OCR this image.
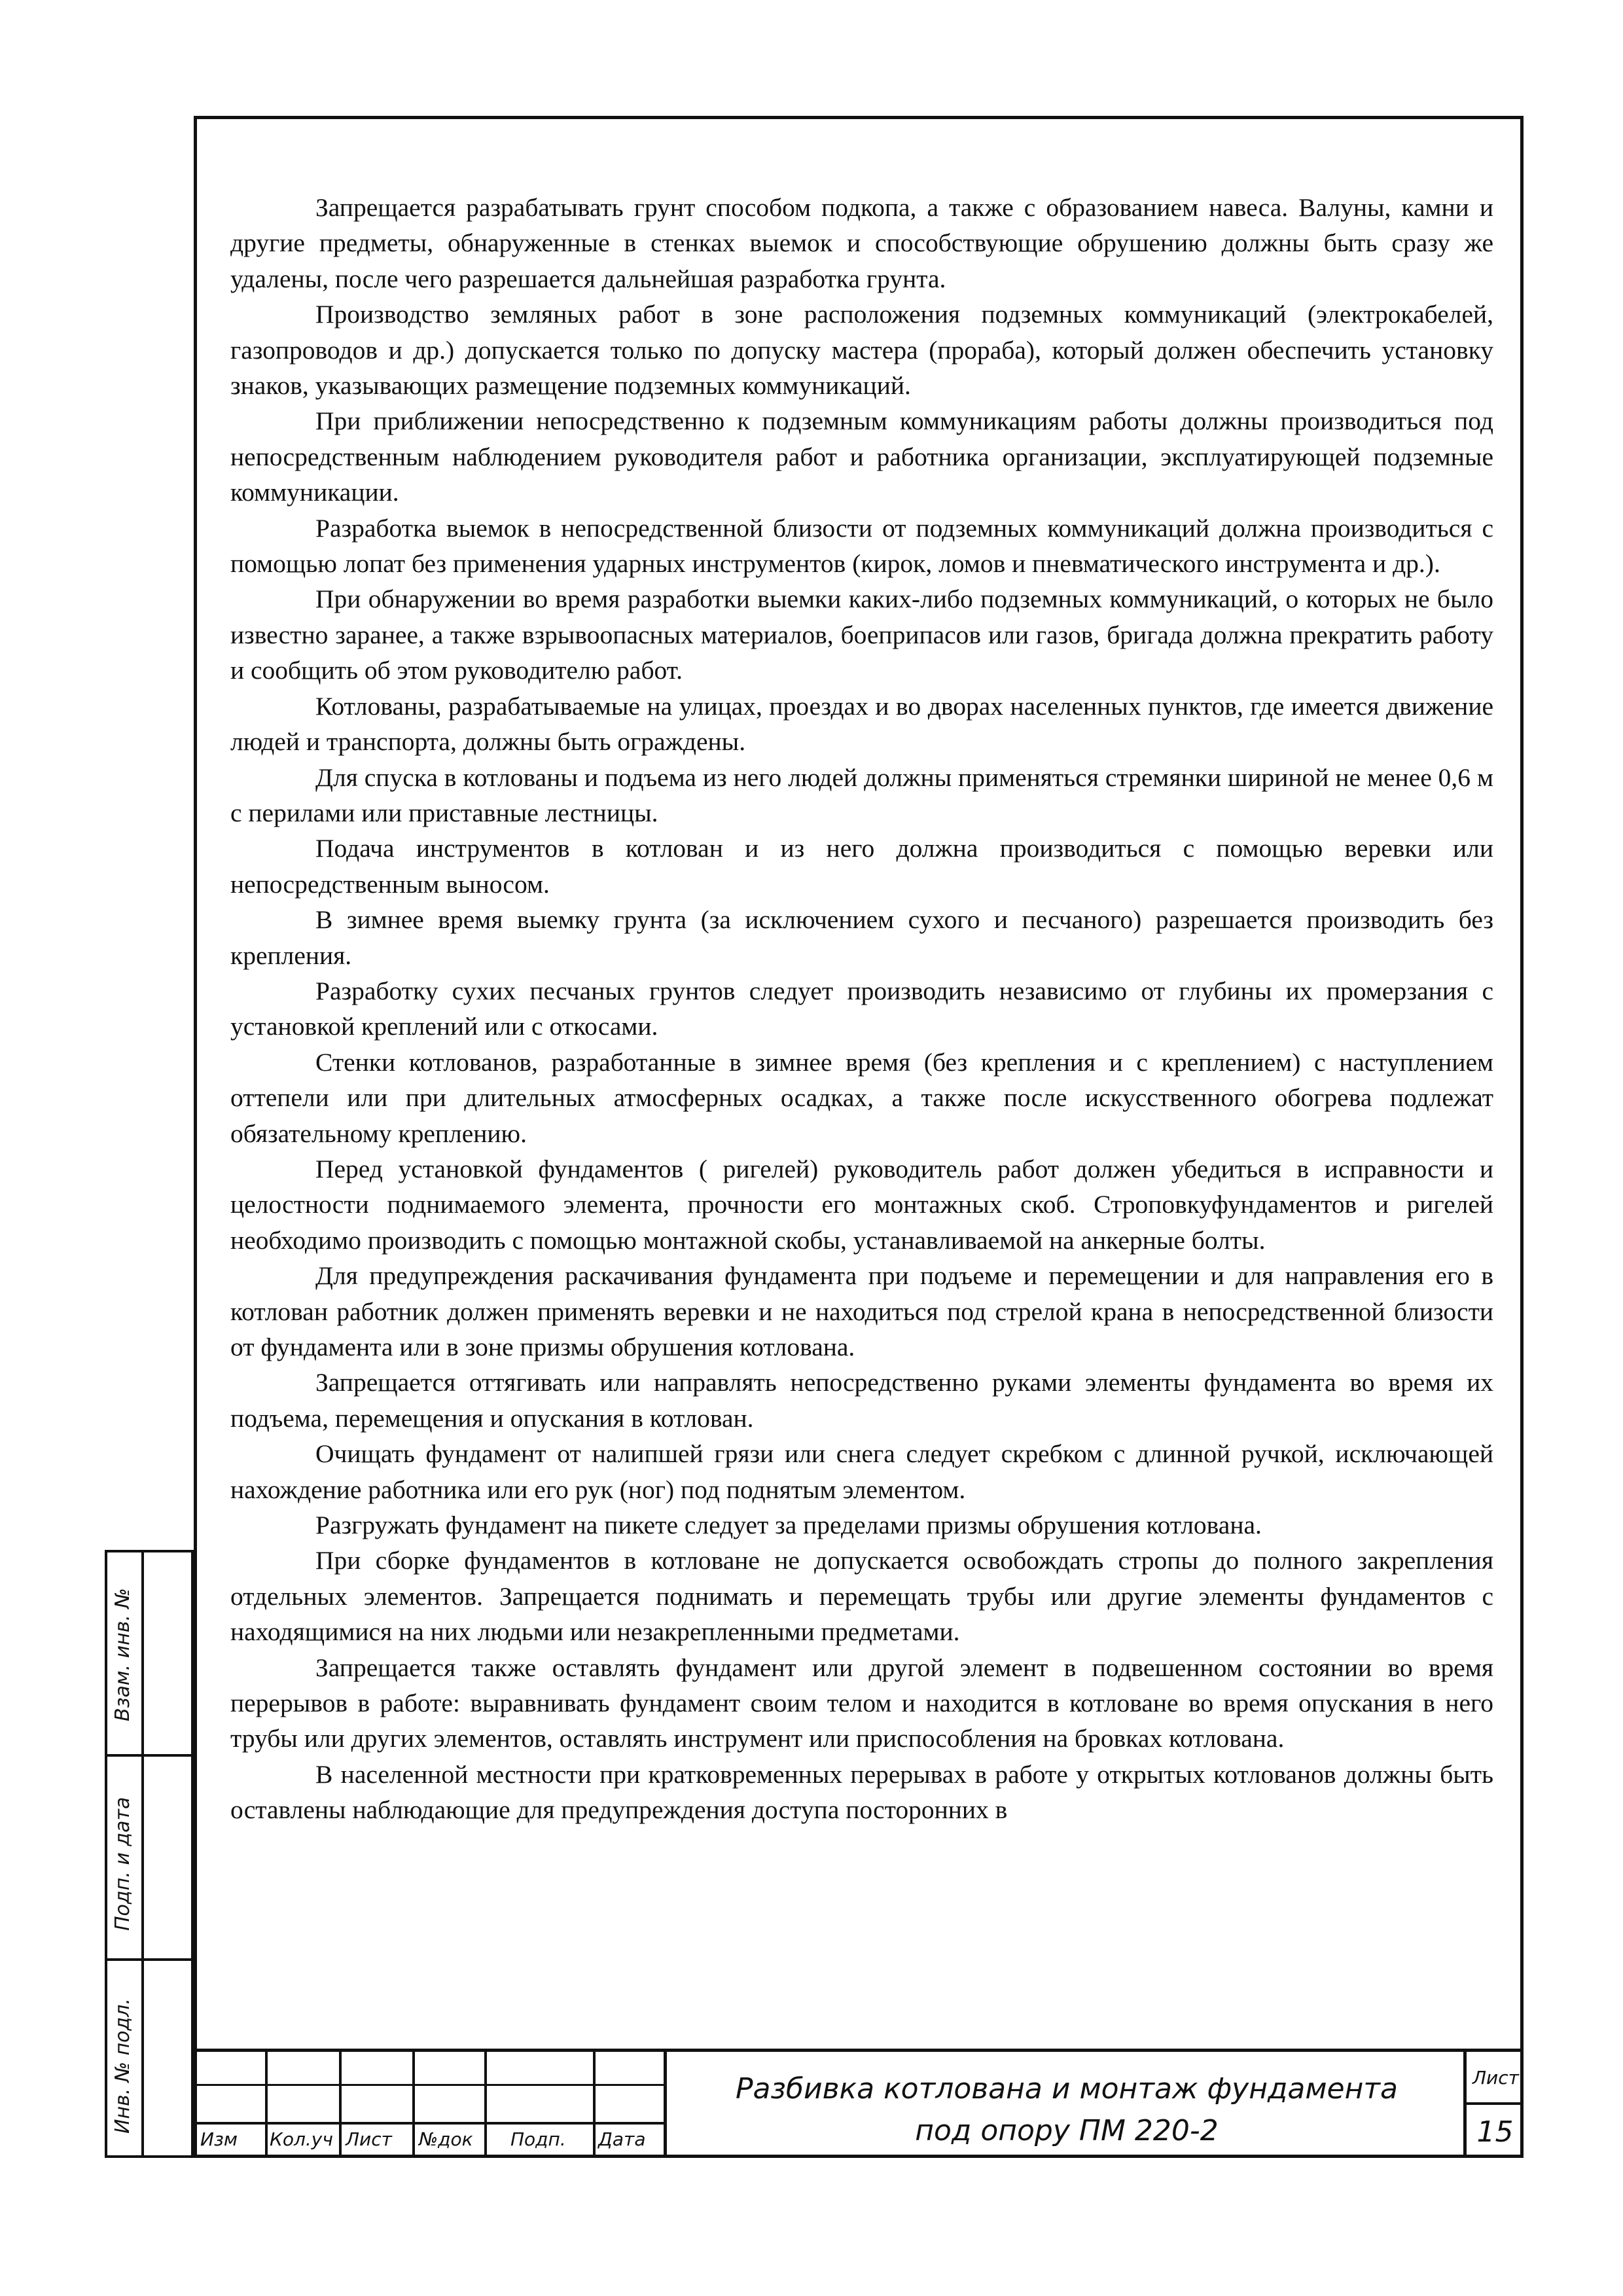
Запрещается разрабатывать грунт способом подкопа, а также с образованием навеса. Валуны, камни и другие предметы, обнаруженные в стенках выемок и способствующие обрушению должны быть сразу же удалены, после чего разрешается дальнейшая разработка грунта.

Производство земляных работ в зоне расположения подземных коммуникаций (электрокабелей, газопроводов и др.) допускается только по допуску мастера (прораба), который должен обеспечить установку знаков, указывающих размещение подземных коммуникаций.

При приближении непосредственно к подземным коммуникациям работы должны производиться под непосредственным наблюдением руководителя работ и работника организации, эксплуатирующей подземные коммуникации.

Разработка выемок в непосредственной близости от подземных коммуникаций должна производиться с помощью лопат без применения ударных инструментов (кирок, ломов и пневматического инструмента и др.).

При обнаружении во время разработки выемки каких-либо подземных коммуникаций, о которых не было известно заранее, а также взрывоопасных материалов, боеприпасов или газов, бригада должна прекратить работу и сообщить об этом руководителю работ.

Котлованы, разрабатываемые на улицах, проездах и во дворах населенных пунктов, где имеется движение людей и транспорта, должны быть ограждены.

Для спуска в котлованы и подъема из него людей должны применяться стремянки шириной не менее 0,6 м с перилами или приставные лестницы.

Подача инструментов в котлован и из него должна производиться с помощью веревки или непосредственным выносом.

В зимнее время выемку грунта (за исключением сухого и песчаного) разрешается производить без крепления.

Разработку сухих песчаных грунтов следует производить независимо от глубины их промерзания с установкой креплений или с откосами.

Стенки котлованов, разработанные в зимнее время (без крепления и с креплением) с наступлением оттепели или при длительных атмосферных осадках, а также после искусственного обогрева подлежат обязательному креплению.

Перед установкой фундаментов ( ригелей) руководитель работ должен убедиться в исправности и целостности поднимаемого элемента, прочности его монтажных скоб. Строповкуфундаментов и ригелей необходимо производить с помощью монтажной скобы, устанавливаемой на анкерные болты.

Для предупреждения раскачивания фундамента при подъеме и перемещении и для направления его в котлован работник должен применять веревки и не находиться под стрелой крана в непосредственной близости от фундамента или в зоне призмы обрушения котлована.

Запрещается оттягивать или направлять непосредственно руками элементы фундамента во время их подъема, перемещения и опускания в котлован.

Очищать фундамент от налипшей грязи или снега следует скребком с длинной ручкой, исключающей нахождение работника или его рук (ног) под поднятым элементом.

Разгружать фундамент на пикете следует за пределами призмы обрушения котлована.

При сборке фундаментов в котловане не допускается освобождать стропы до полного закрепления отдельных элементов. Запрещается поднимать и перемещать трубы или другие элементы фундаментов с находящимися на них людьми или незакрепленными предметами.

Запрещается также оставлять фундамент или другой элемент в подвешенном состоянии во время перерывов в работе: выравнивать фундамент своим телом и находится в котловане во время опускания в него трубы или других элементов, оставлять инструмент или приспособления на бровках котлована.

В населенной местности при кратковременных перерывах в работе у открытых котлованов должны быть оставлены наблюдающие для предупреждения доступа посторонних в

Взам. инв. №
Подп. и дата
Инв. № подл.
Изм Кол.уч Лист №док Подп. Дата
Разбивка котлована и монтаж фундамента
под опору ПМ 220-2
Лист
15
